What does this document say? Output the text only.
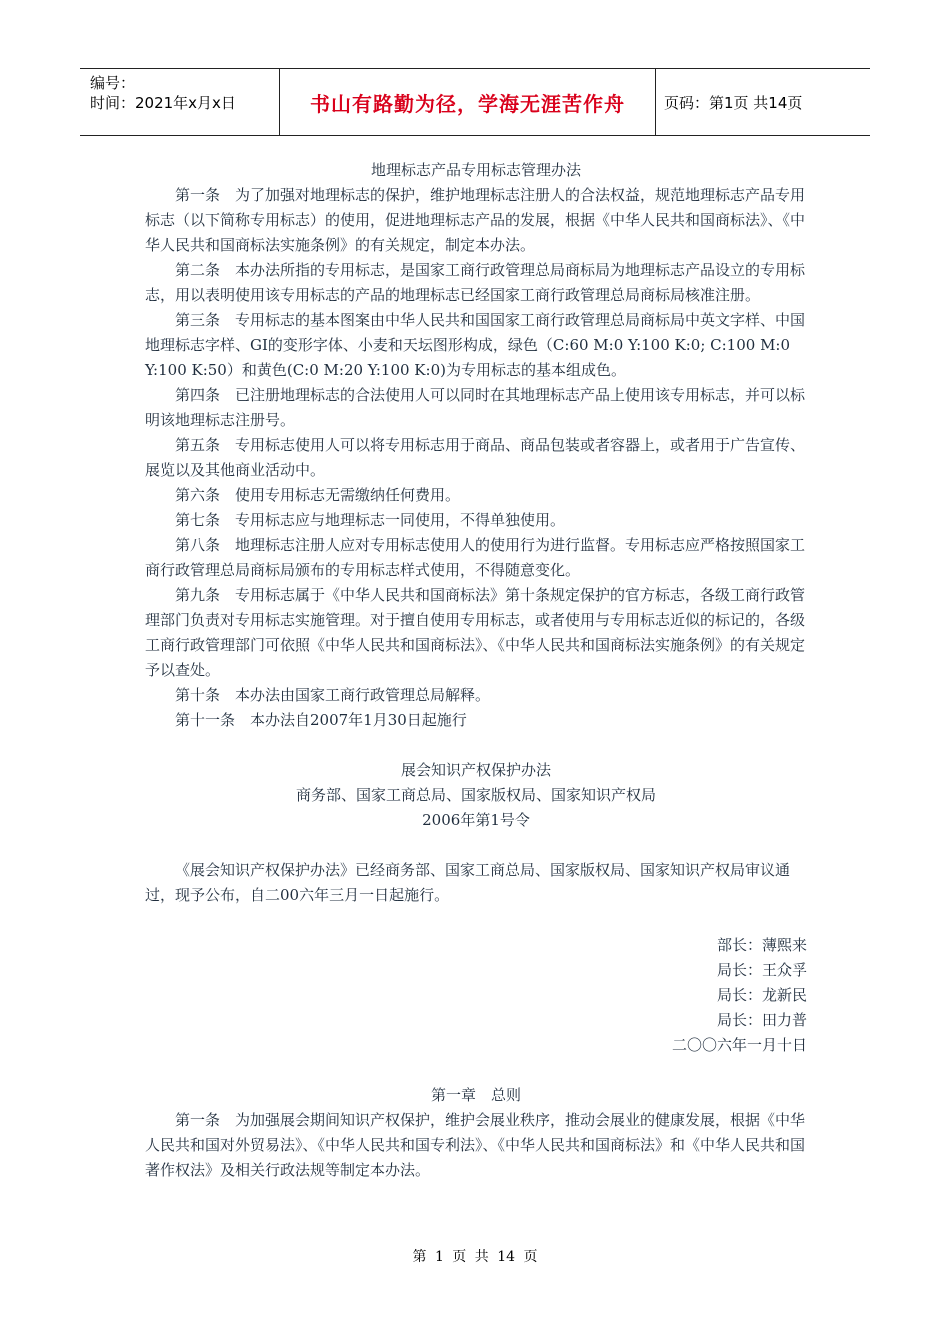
编号：
时间：2021年x月x日	书山有路勤为径，学海无涯苦作舟	页码：第1页 共14页

地理标志产品专用标志管理办法

第一条　为了加强对地理标志的保护，维护地理标志注册人的合法权益，规范地理标志产品专用标志（以下简称专用标志）的使用，促进地理标志产品的发展，根据《中华人民共和国商标法》、《中华人民共和国商标法实施条例》的有关规定，制定本办法。

第二条　本办法所指的专用标志，是国家工商行政管理总局商标局为地理标志产品设立的专用标志，用以表明使用该专用标志的产品的地理标志已经国家工商行政管理总局商标局核准注册。

第三条　专用标志的基本图案由中华人民共和国国家工商行政管理总局商标局中英文字样、中国地理标志字样、GI的变形字体、小麦和天坛图形构成，绿色（C:60 M:0 Y:100 K:0; C:100 M:0 Y:100 K:50）和黄色(C:0 M:20 Y:100 K:0)为专用标志的基本组成色。

第四条　已注册地理标志的合法使用人可以同时在其地理标志产品上使用该专用标志，并可以标明该地理标志注册号。

第五条　专用标志使用人可以将专用标志用于商品、商品包装或者容器上，或者用于广告宣传、展览以及其他商业活动中。

第六条　使用专用标志无需缴纳任何费用。

第七条　专用标志应与地理标志一同使用，不得单独使用。

第八条　地理标志注册人应对专用标志使用人的使用行为进行监督。专用标志应严格按照国家工商行政管理总局商标局颁布的专用标志样式使用，不得随意变化。

第九条　专用标志属于《中华人民共和国商标法》第十条规定保护的官方标志，各级工商行政管理部门负责对专用标志实施管理。对于擅自使用专用标志，或者使用与专用标志近似的标记的，各级工商行政管理部门可依照《中华人民共和国商标法》、《中华人民共和国商标法实施条例》的有关规定予以查处。

第十条　本办法由国家工商行政管理总局解释。

第十一条　本办法自2007年1月30日起施行

展会知识产权保护办法

商务部、国家工商总局、国家版权局、国家知识产权局

2006年第1号令

《展会知识产权保护办法》已经商务部、国家工商总局、国家版权局、国家知识产权局审议通过，现予公布，自二00六年三月一日起施行。

部长：薄熙来

局长：王众孚

局长：龙新民

局长：田力普

二〇〇六年一月十日

第一章　总则

第一条　为加强展会期间知识产权保护，维护会展业秩序，推动会展业的健康发展，根据《中华人民共和国对外贸易法》、《中华人民共和国专利法》、《中华人民共和国商标法》和《中华人民共和国著作权法》及相关行政法规等制定本办法。

第 1 页 共 14 页
